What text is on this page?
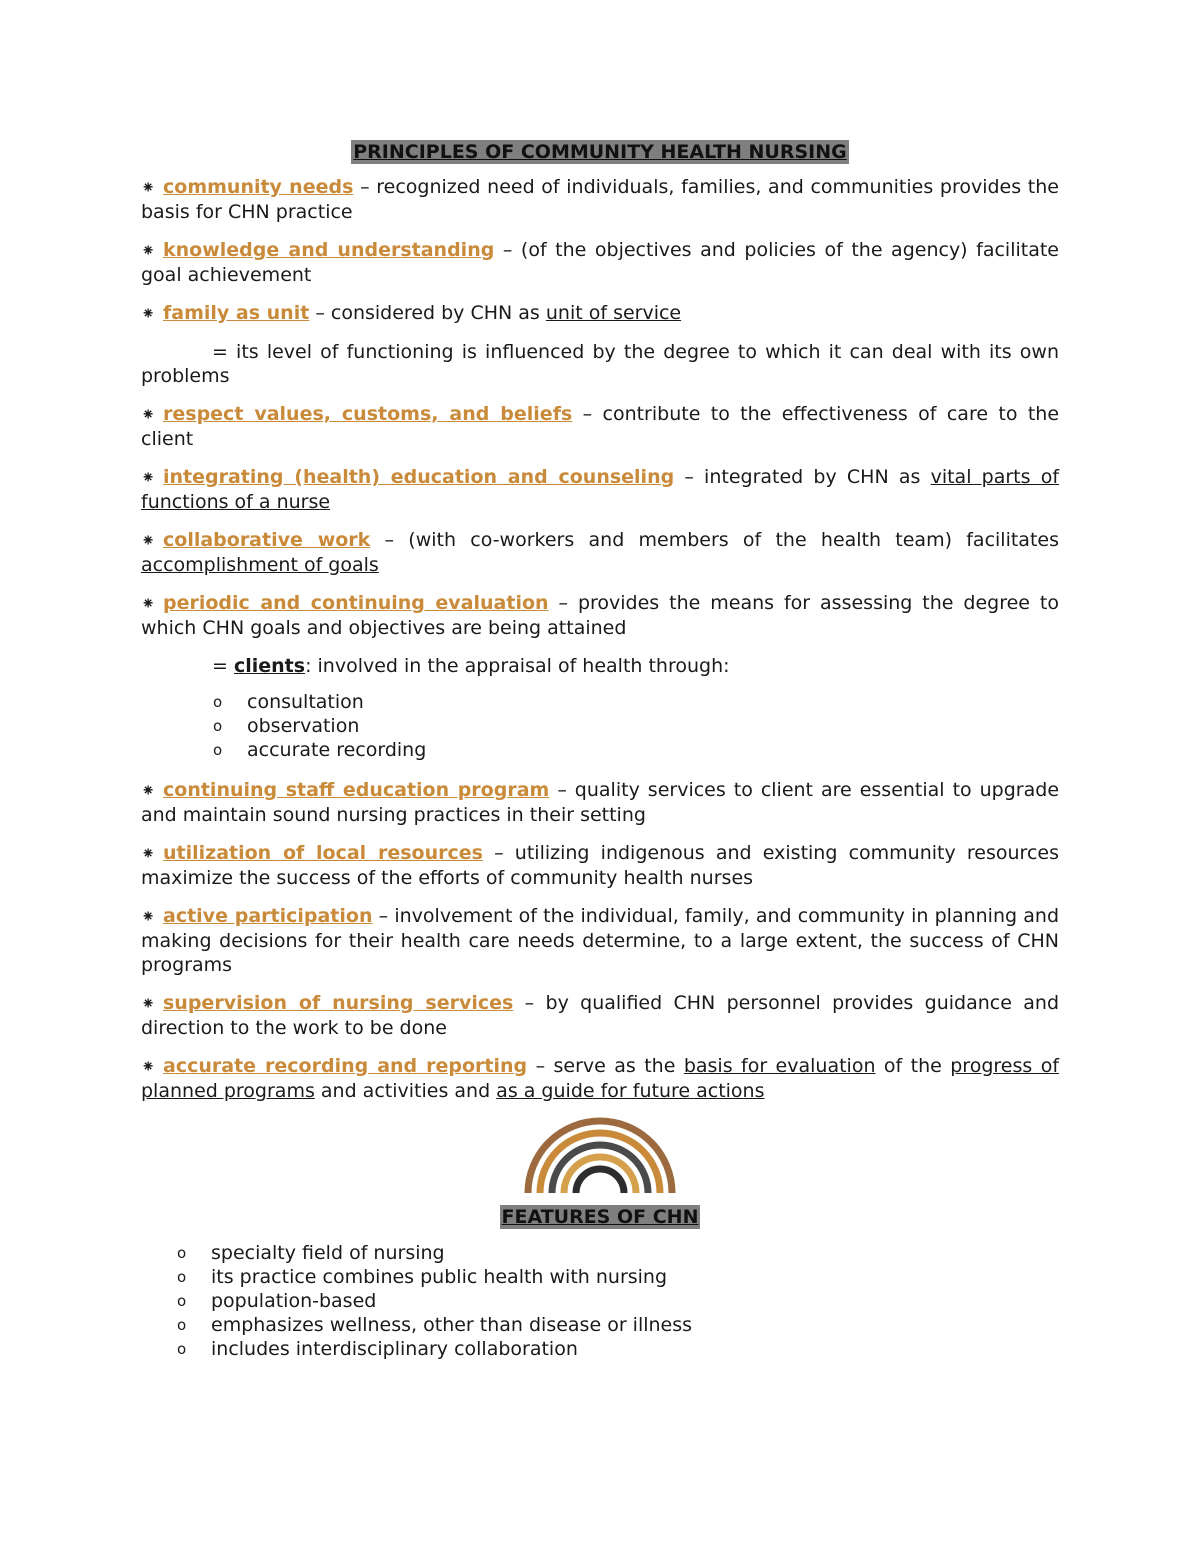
PRINCIPLES OF COMMUNITY HEALTH NURSING

⁕ community needs – recognized need of individuals, families, and communities provides the basis for CHN practice

⁕ knowledge and understanding – (of the objectives and policies of the agency) facilitate goal achievement

⁕ family as unit – considered by CHN as unit of service

= its level of functioning is influenced by the degree to which it can deal with its own problems

⁕ respect values, customs, and beliefs – contribute to the effectiveness of care to the client

⁕ integrating (health) education and counseling – integrated by CHN as vital parts of functions of a nurse

⁕ collaborative work – (with co-workers and members of the health team) facilitates accomplishment of goals

⁕ periodic and continuing evaluation – provides the means for assessing the degree to which CHN goals and objectives are being attained

= clients: involved in the appraisal of health through:

o consultation
o observation
o accurate recording

⁕ continuing staff education program – quality services to client are essential to upgrade and maintain sound nursing practices in their setting

⁕ utilization of local resources – utilizing indigenous and existing community resources maximize the success of the efforts of community health nurses

⁕ active participation – involvement of the individual, family, and community in planning and making decisions for their health care needs determine, to a large extent, the success of CHN programs

⁕ supervision of nursing services – by qualified CHN personnel provides guidance and direction to the work to be done

⁕ accurate recording and reporting – serve as the basis for evaluation of the progress of planned programs and activities and as a guide for future actions

FEATURES OF CHN
o specialty field of nursing
o its practice combines public health with nursing
o population-based
o emphasizes wellness, other than disease or illness
o includes interdisciplinary collaboration
